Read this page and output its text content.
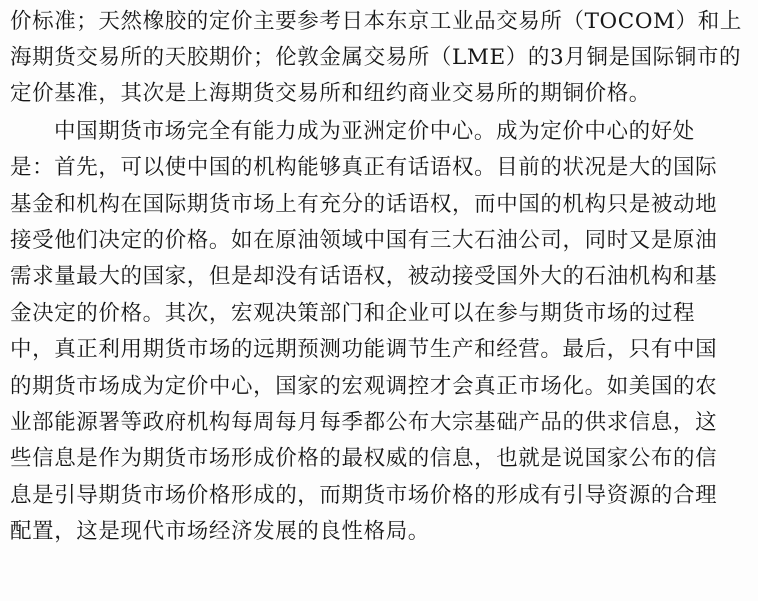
价标准；天然橡胶的定价主要参考日本东京工业品交易所（TOCOM）和上
海期货交易所的天胶期价；伦敦金属交易所（LME）的3月铜是国际铜市的
定价基准，其次是上海期货交易所和纽约商业交易所的期铜价格。
中国期货市场完全有能力成为亚洲定价中心。成为定价中心的好处
是：首先，可以使中国的机构能够真正有话语权。目前的状况是大的国际
基金和机构在国际期货市场上有充分的话语权，而中国的机构只是被动地
接受他们决定的价格。如在原油领域中国有三大石油公司，同时又是原油
需求量最大的国家，但是却没有话语权，被动接受国外大的石油机构和基
金决定的价格。其次，宏观决策部门和企业可以在参与期货市场的过程
中，真正利用期货市场的远期预测功能调节生产和经营。最后，只有中国
的期货市场成为定价中心，国家的宏观调控才会真正市场化。如美国的农
业部能源署等政府机构每周每月每季都公布大宗基础产品的供求信息，这
些信息是作为期货市场形成价格的最权威的信息，也就是说国家公布的信
息是引导期货市场价格形成的，而期货市场价格的形成有引导资源的合理
配置，这是现代市场经济发展的良性格局。
